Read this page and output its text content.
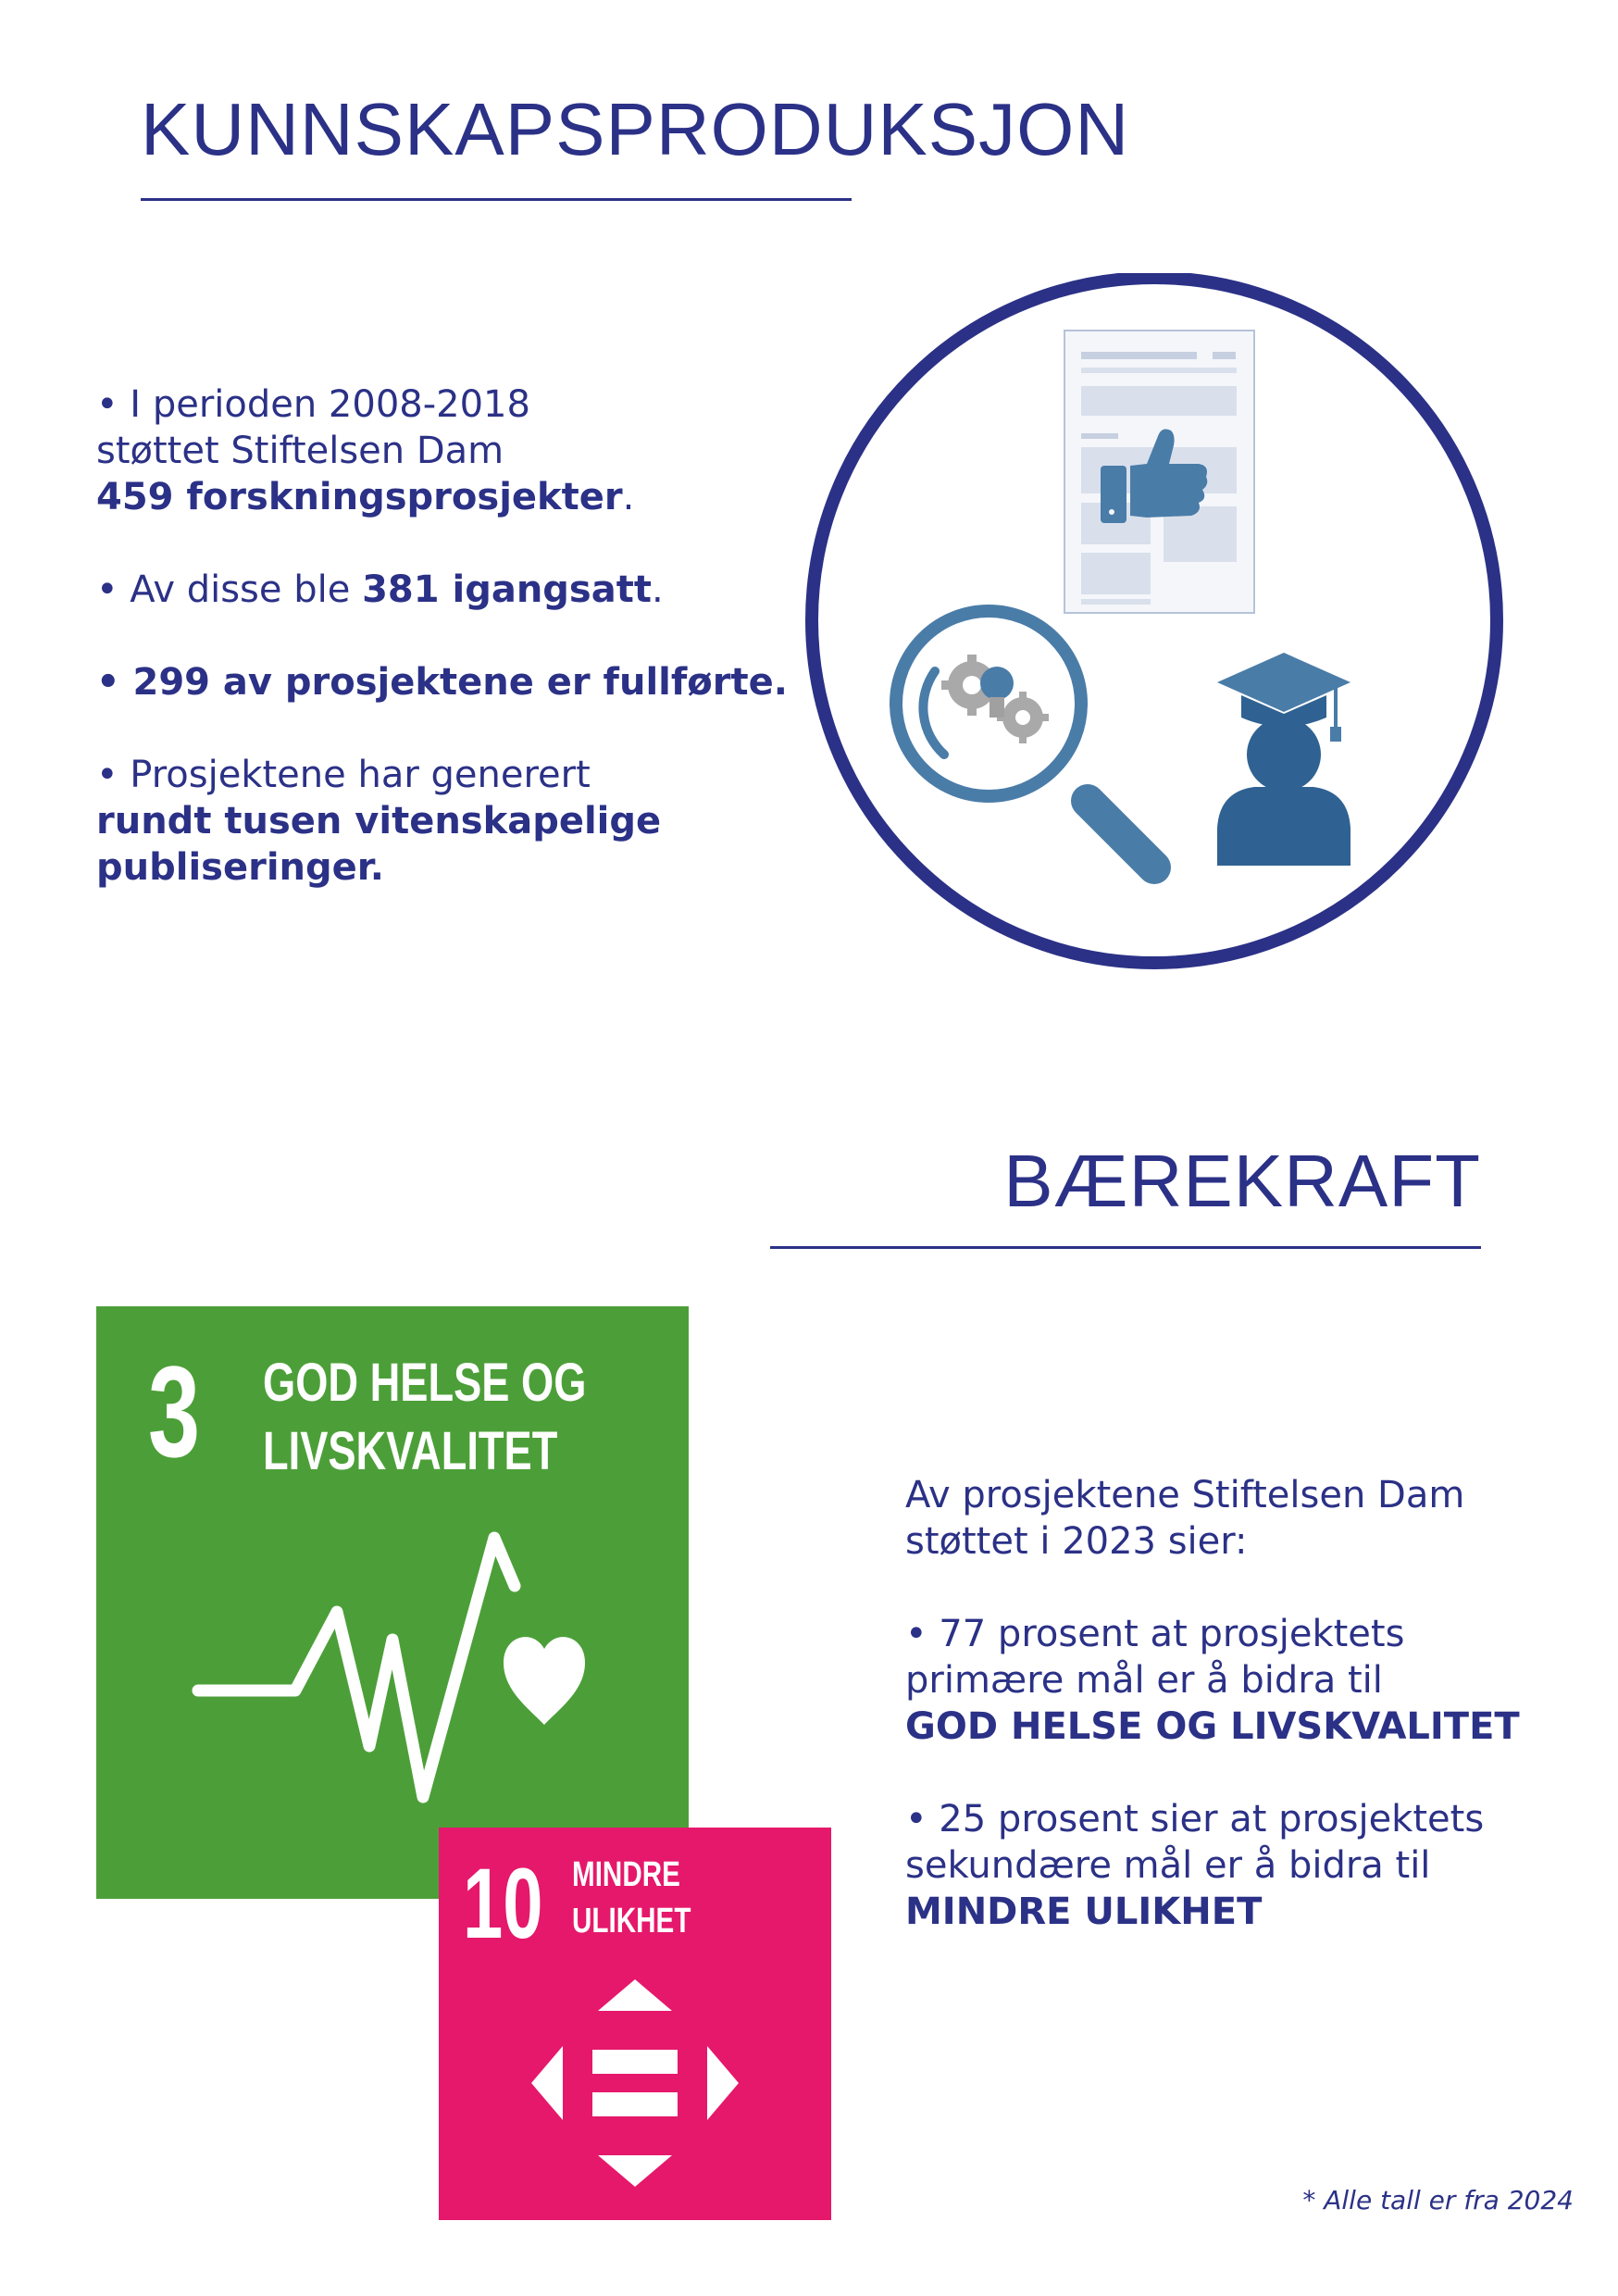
KUNNSKAPSPRODUKSJON

• I perioden 2008-2018
støttet Stiftelsen Dam
459 forskningsprosjekter.

• Av disse ble 381 igangsatt.

• 299 av prosjektene er fullførte.

• Prosjektene har generert
rundt tusen vitenskapelige
publiseringer.

BÆREKRAFT
3 GOD HELSE OG
LIVSKVALITET
10 MINDRE
ULIKHET

Av prosjektene Stiftelsen Dam
støttet i 2023 sier:

• 77 prosent at prosjektets
primære mål er å bidra til
GOD HELSE OG LIVSKVALITET

• 25 prosent sier at prosjektets
sekundære mål er å bidra til
MINDRE ULIKHET

* Alle tall er fra 2024
